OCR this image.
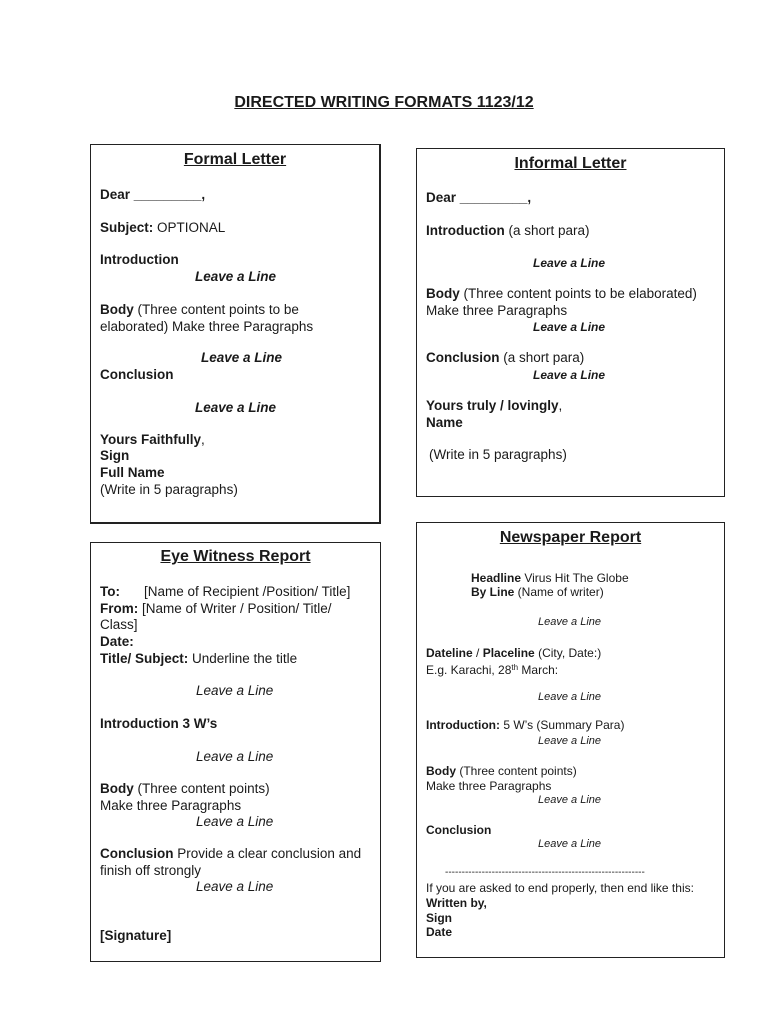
DIRECTED WRITING FORMATS 1123/12
Formal Letter
Dear _________,
Subject: OPTIONAL
Introduction
Leave a Line
Body (Three content points to be
elaborated) Make three Paragraphs
Leave a Line
Conclusion
Leave a Line
Yours Faithfully,
Sign
Full Name
(Write in 5 paragraphs)
Informal Letter
Dear _________,
Introduction (a short para)
Leave a Line
Body (Three content points to be elaborated)
Make three Paragraphs
Leave a Line
Conclusion (a short para)
Leave a Line
Yours truly / lovingly,
Name
(Write in 5 paragraphs)
Eye Witness Report
To: [Name of Recipient /Position/ Title]
From: [Name of Writer / Position/ Title/
Class]
Date:
Title/ Subject: Underline the title
Leave a Line
Introduction 3 W’s
Leave a Line
Body (Three content points)
Make three Paragraphs
Leave a Line
Conclusion Provide a clear conclusion and
finish off strongly
Leave a Line
[Signature]
Newspaper Report
Headline Virus Hit The Globe
By Line (Name of writer)
Leave a Line
Dateline / Placeline (City, Date:)
E.g. Karachi, 28th March:
Leave a Line
Introduction: 5 W’s (Summary Para)
Leave a Line
Body (Three content points)
Make three Paragraphs
Leave a Line
Conclusion
Leave a Line
------------------------------------------------------------
If you are asked to end properly, then end like this:
Written by,
Sign
Date
